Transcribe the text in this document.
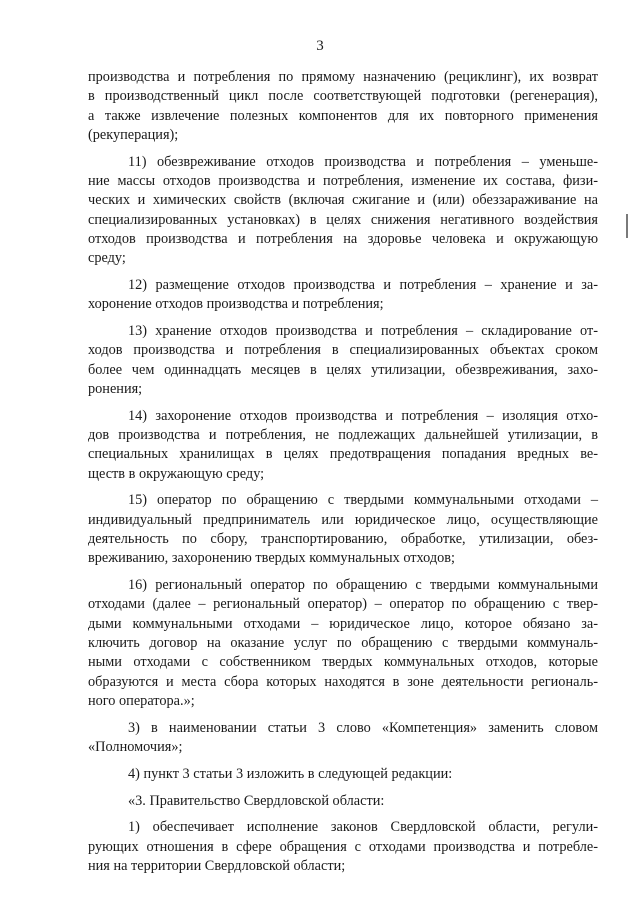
3

производства и потребления по прямому назначению (рециклинг), их возврат
в производственный цикл после соответствующей подготовки (регенерация),
а также извлечение полезных компонентов для их повторного применения
(рекуперация);

11) обезвреживание отходов производства и потребления – уменьше-
ние массы отходов производства и потребления, изменение их состава, физи-
ческих и химических свойств (включая сжигание и (или) обеззараживание на
специализированных установках) в целях снижения негативного воздействия
отходов производства и потребления на здоровье человека и окружающую
среду;

12) размещение отходов производства и потребления – хранение и за-
хоронение отходов производства и потребления;

13) хранение отходов производства и потребления – складирование от-
ходов производства и потребления в специализированных объектах сроком
более чем одиннадцать месяцев в целях утилизации, обезвреживания, захо-
ронения;

14) захоронение отходов производства и потребления – изоляция отхо-
дов производства и потребления, не подлежащих дальнейшей утилизации, в
специальных хранилищах в целях предотвращения попадания вредных ве-
ществ в окружающую среду;

15) оператор по обращению с твердыми коммунальными отходами –
индивидуальный предприниматель или юридическое лицо, осуществляющие
деятельность по сбору, транспортированию, обработке, утилизации, обез-
вреживанию, захоронению твердых коммунальных отходов;

16) региональный оператор по обращению с твердыми коммунальными
отходами (далее – региональный оператор) – оператор по обращению с твер-
дыми коммунальными отходами – юридическое лицо, которое обязано за-
ключить договор на оказание услуг по обращению с твердыми коммуналь-
ными отходами с собственником твердых коммунальных отходов, которые
образуются и места сбора которых находятся в зоне деятельности региональ-
ного оператора.»;

3) в наименовании статьи 3 слово «Компетенция» заменить словом
«Полномочия»;

4) пункт 3 статьи 3 изложить в следующей редакции:

«3. Правительство Свердловской области:

1) обеспечивает исполнение законов Свердловской области, регули-
рующих отношения в сфере обращения с отходами производства и потребле-
ния на территории Свердловской области;
